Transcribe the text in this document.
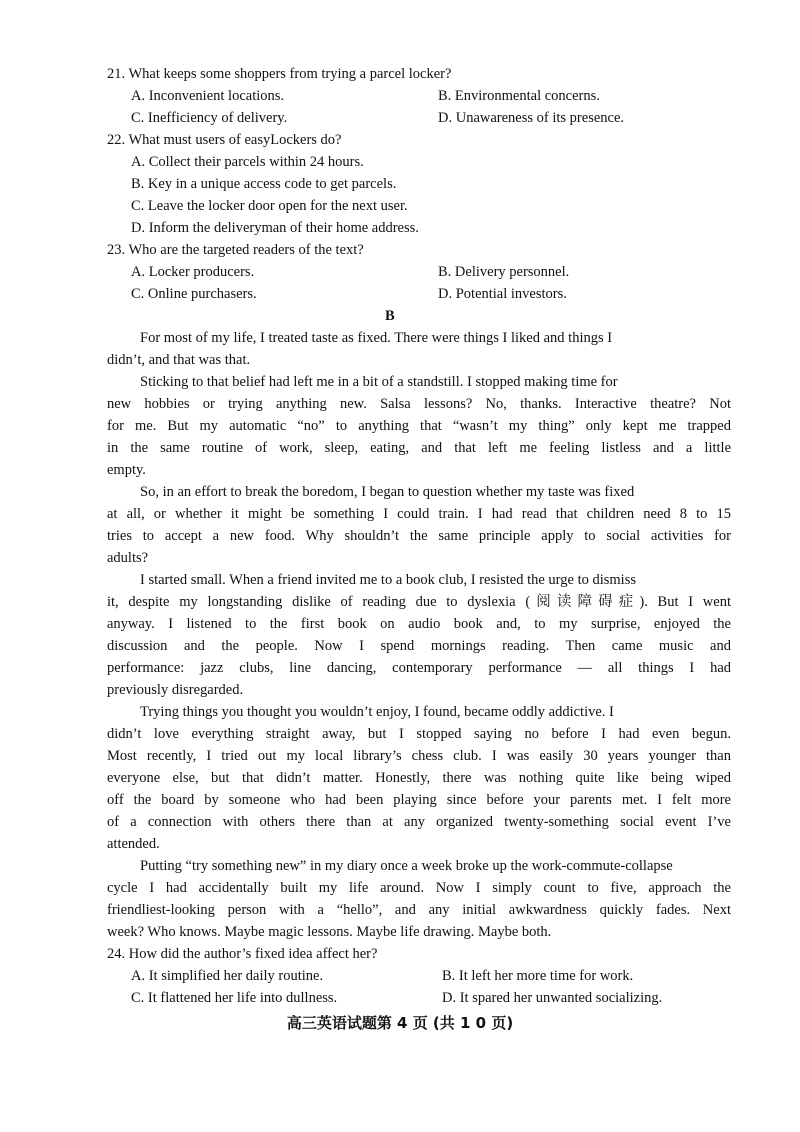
21. What keeps some shoppers from trying a parcel locker?
A. Inconvenient locations.	B. Environmental concerns.
C. Inefficiency of delivery.	D. Unawareness of its presence.
22. What must users of easyLockers do?
A. Collect their parcels within 24 hours.
B. Key in a unique access code to get parcels.
C. Leave the locker door open for the next user.
D. Inform the deliveryman of their home address.
23. Who are the targeted readers of the text?
A. Locker producers.	B. Delivery personnel.
C. Online purchasers.	D. Potential investors.
B
For most of my life, I treated taste as fixed. There were things I liked and things I
didn’t, and that was that.
Sticking to that belief had left me in a bit of a standstill. I stopped making time for
new hobbies or trying anything new. Salsa lessons? No, thanks. Interactive theatre? Not
for me. But my automatic “no” to anything that “wasn’t my thing” only kept me trapped
in the same routine of work, sleep, eating, and that left me feeling listless and a little
empty.
So, in an effort to break the boredom, I began to question whether my taste was fixed
at all, or whether it might be something I could train. I had read that children need 8 to 15
tries to accept a new food. Why shouldn’t the same principle apply to social activities for
adults?
I started small. When a friend invited me to a book club, I resisted the urge to dismiss
it, despite my longstanding dislike of reading due to dyslexia (阅读障碍症). But I went
anyway. I listened to the first book on audio book and, to my surprise, enjoyed the
discussion and the people. Now I spend mornings reading. Then came music and
performance: jazz clubs, line dancing, contemporary performance — all things I had
previously disregarded.
Trying things you thought you wouldn’t enjoy, I found, became oddly addictive. I
didn’t love everything straight away, but I stopped saying no before I had even begun.
Most recently, I tried out my local library’s chess club. I was easily 30 years younger than
everyone else, but that didn’t matter. Honestly, there was nothing quite like being wiped
off the board by someone who had been playing since before your parents met. I felt more
of a connection with others there than at any organized twenty-something social event I’ve
attended.
Putting “try something new” in my diary once a week broke up the work-commute-collapse
cycle I had accidentally built my life around. Now I simply count to five, approach the
friendliest-looking person with a “hello”, and any initial awkwardness quickly fades. Next
week? Who knows. Maybe magic lessons. Maybe life drawing. Maybe both.
24. How did the author’s fixed idea affect her?
A. It simplified her daily routine.	B. It left her more time for work.
C. It flattened her life into dullness.	D. It spared her unwanted socializing.
高三英语试题第 4 页 (共 1 0 页)
